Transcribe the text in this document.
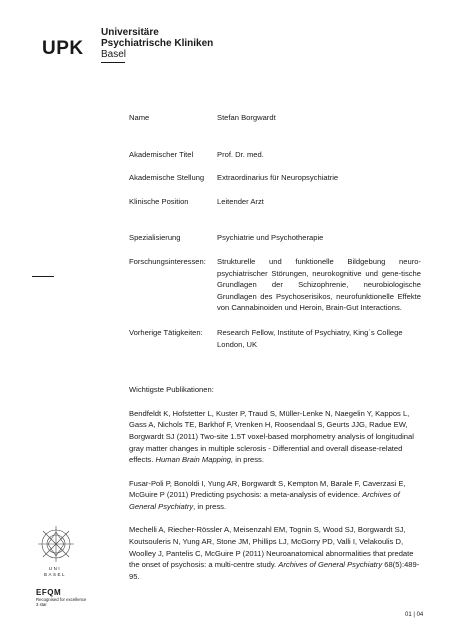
UPK
Universitäre
Psychiatrische Kliniken
Basel
Name	Stefan Borgwardt
Akademischer Titel	Prof. Dr. med.
Akademische Stellung	Extraordinarius für Neuropsychiatrie
Klinische Position	Leitender Arzt
Spezialisierung	Psychiatrie und Psychotherapie
Forschungsinteressen:	Strukturelle und funktionelle Bildgebung neuro-psychiatrischer Störungen, neurokognitive und gene-tische Grundlagen der Schizophrenie, neurobiologische Grundlagen des Psychoserisikos, neurofunktionelle Effekte von Cannabinoiden und Heroin, Brain-Gut Interactions.
Vorherige Tätigkeiten:	Research Fellow, Institute of Psychiatry, King´s College London, UK
Wichtigste Publikationen:
Bendfeldt K, Hofstetter L, Kuster P, Traud S, Müller-Lenke N, Naegelin Y, Kappos L, Gass A, Nichols TE, Barkhof F, Vrenken H, Roosendaal S, Geurts JJG, Radue EW, Borgwardt SJ (2011) Two-site 1.5T voxel-based morphometry analysis of longitudinal gray matter changes in multiple sclerosis - Differential and overall disease-related effects. Human Brain Mapping, in press.
Fusar-Poli P, Bonoldi I, Yung AR, Borgwardt S, Kempton M, Barale F, Caverzasi E, McGuire P (2011) Predicting psychosis: a meta-analysis of evidence. Archives of General Psychiatry, in press.
Mechelli A, Riecher-Rössler A, Meisenzahl EM, Tognin S, Wood SJ, Borgwardt SJ, Koutsouleris N, Yung AR, Stone JM, Phillips LJ, McGorry PD, Valli I, Velakoulis D, Woolley J, Pantelis C, McGuire P (2011) Neuroanatomical abnormalities that predate the onset of psychosis: a multi-centre study. Archives of General Psychiatry 68(5):489-95.
UNI BASEL
EFQM
Recognised for excellence
3 star
01 | 04
